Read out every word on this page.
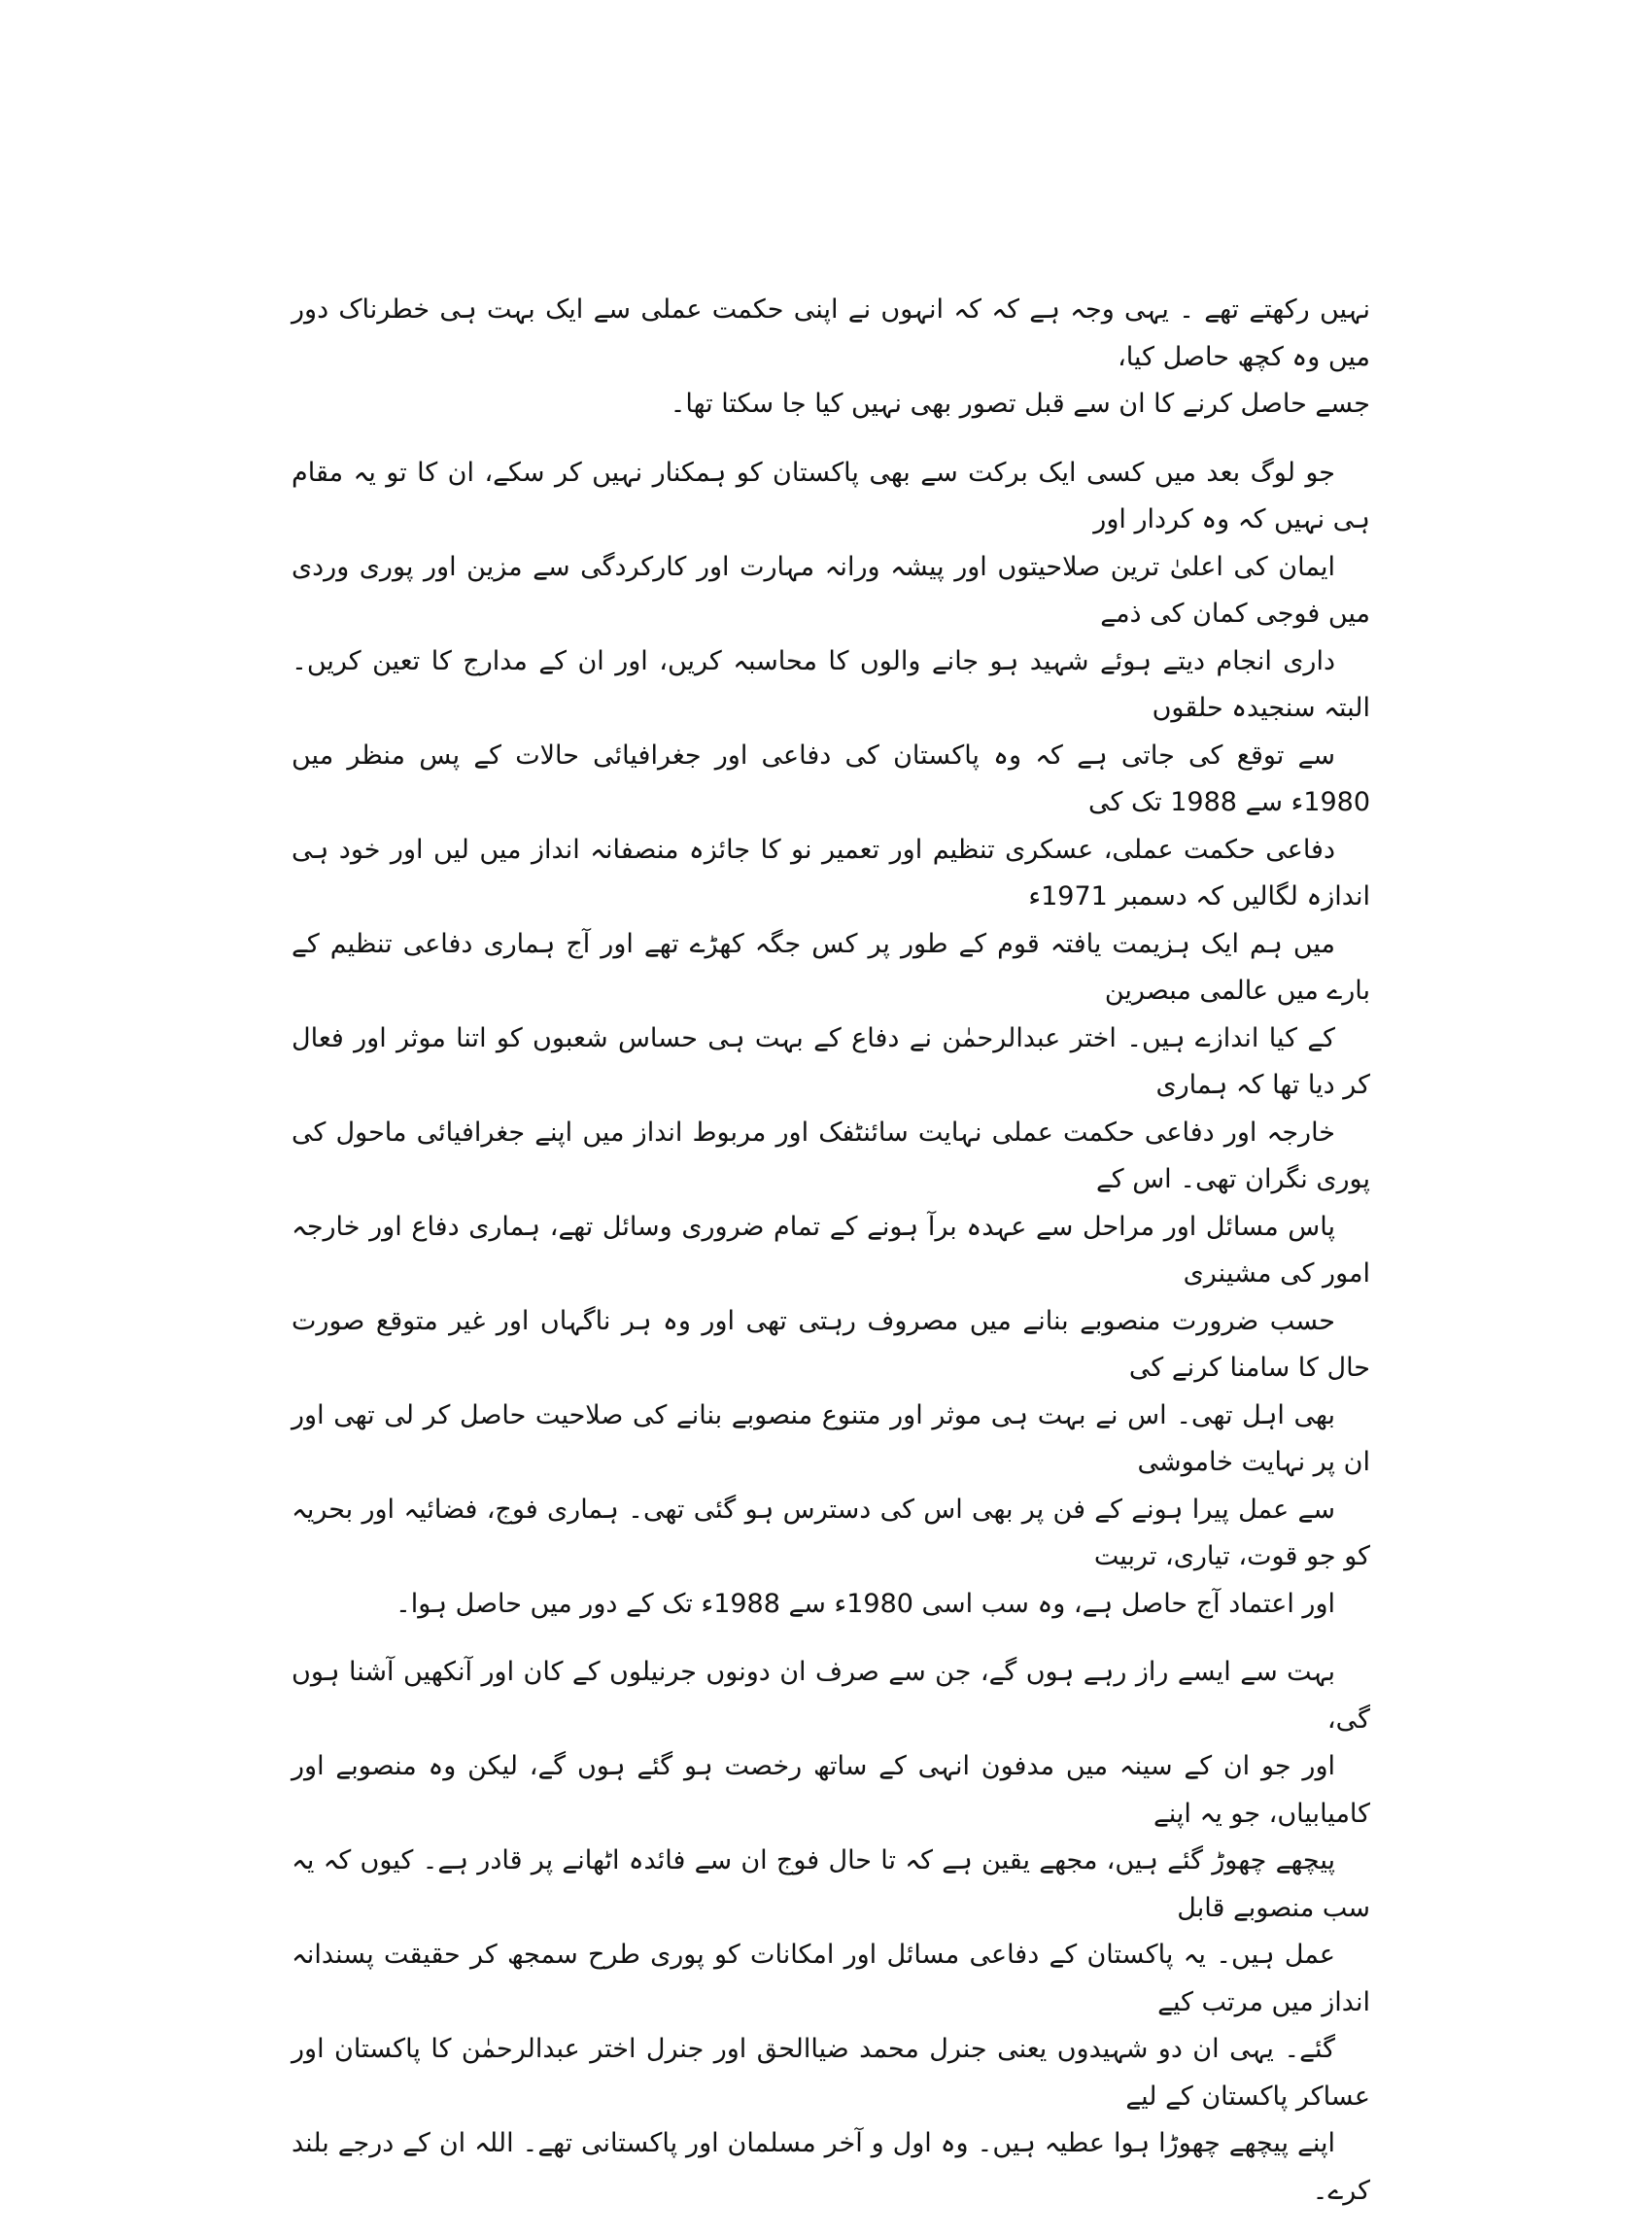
نہیں رکھتے تھے ۔ یہی وجہ ہے کہ کہ انہوں نے اپنی حکمت عملی سے ایک بہت ہی خطرناک دور میں وہ کچھ حاصل کیا،
جسے حاصل کرنے کا ان سے قبل تصور بھی نہیں کیا جا سکتا تھا۔

جو لوگ بعد میں کسی ایک برکت سے بھی پاکستان کو ہمکنار نہیں کر سکے، ان کا تو یہ مقام ہی نہیں کہ وہ کردار اور
ایمان کی اعلیٰ ترین صلاحیتوں اور پیشہ ورانہ مہارت اور کارکردگی سے مزین اور پوری وردی میں فوجی کمان کی ذمے
داری انجام دیتے ہوئے شہید ہو جانے والوں کا محاسبہ کریں، اور ان کے مدارج کا تعین کریں۔ البتہ سنجیدہ حلقوں
سے توقع کی جاتی ہے کہ وہ پاکستان کی دفاعی اور جغرافیائی حالات کے پس منظر میں 1980ء سے 1988 تک کی
دفاعی حکمت عملی، عسکری تنظیم اور تعمیر نو کا جائزہ منصفانہ انداز میں لیں اور خود ہی اندازہ لگالیں کہ دسمبر 1971ء
میں ہم ایک ہزیمت یافتہ قوم کے طور پر کس جگہ کھڑے تھے اور آج ہماری دفاعی تنظیم کے بارے میں عالمی مبصرین
کے کیا اندازے ہیں۔ اختر عبدالرحمٰن نے دفاع کے بہت ہی حساس شعبوں کو اتنا موثر اور فعال کر دیا تھا کہ ہماری
خارجہ اور دفاعی حکمت عملی نہایت سائنٹفک اور مربوط انداز میں اپنے جغرافیائی ماحول کی پوری نگران تھی۔ اس کے
پاس مسائل اور مراحل سے عہدہ برآ ہونے کے تمام ضروری وسائل تھے، ہماری دفاع اور خارجہ امور کی مشینری
حسب ضرورت منصوبے بنانے میں مصروف رہتی تھی اور وہ ہر ناگہاں اور غیر متوقع صورت حال کا سامنا کرنے کی
بھی اہل تھی۔ اس نے بہت ہی موثر اور متنوع منصوبے بنانے کی صلاحیت حاصل کر لی تھی اور ان پر نہایت خاموشی
سے عمل پیرا ہونے کے فن پر بھی اس کی دسترس ہو گئی تھی۔ ہماری فوج، فضائیہ اور بحریہ کو جو قوت، تیاری، تربیت
اور اعتماد آج حاصل ہے، وہ سب اسی 1980ء سے 1988ء تک کے دور میں حاصل ہوا۔

بہت سے ایسے راز رہے ہوں گے، جن سے صرف ان دونوں جرنیلوں کے کان اور آنکھیں آشنا ہوں گی،
اور جو ان کے سینہ میں مدفون انہی کے ساتھ رخصت ہو گئے ہوں گے، لیکن وہ منصوبے اور کامیابیاں، جو یہ اپنے
پیچھے چھوڑ گئے ہیں، مجھے یقین ہے کہ تا حال فوج ان سے فائدہ اٹھانے پر قادر ہے۔ کیوں کہ یہ سب منصوبے قابل
عمل ہیں۔ یہ پاکستان کے دفاعی مسائل اور امکانات کو پوری طرح سمجھ کر حقیقت پسندانہ انداز میں مرتب کیے
گئے۔ یہی ان دو شہیدوں یعنی جنرل محمد ضیاالحق اور جنرل اختر عبدالرحمٰن کا پاکستان اور عساکر پاکستان کے لیے
اپنے پیچھے چھوڑا ہوا عطیہ ہیں۔ وہ اول و آخر مسلمان اور پاکستانی تھے۔ اللہ ان کے درجے بلند کرے۔
